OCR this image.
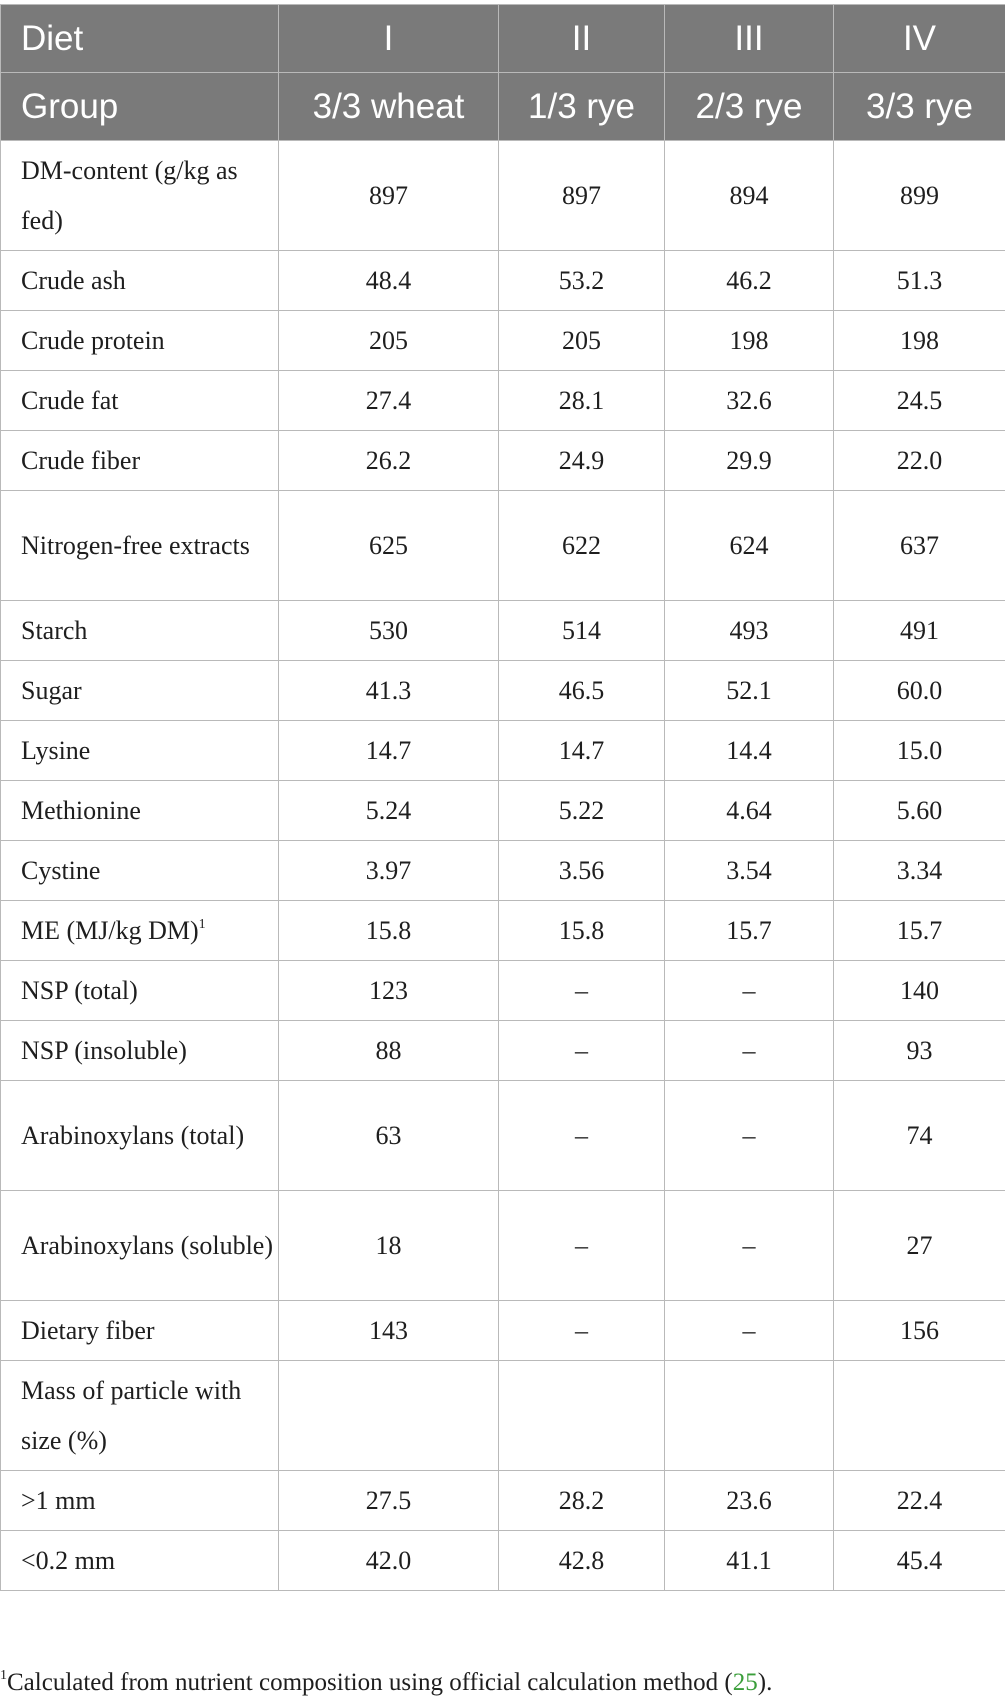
Diet	I	II	III	IV
Group	3/3 wheat	1/3 rye	2/3 rye	3/3 rye
DM-content (g/kg as fed)	897	897	894	899
Crude ash	48.4	53.2	46.2	51.3
Crude protein	205	205	198	198
Crude fat	27.4	28.1	32.6	24.5
Crude fiber	26.2	24.9	29.9	22.0
Nitrogen-free extracts	625	622	624	637
Starch	530	514	493	491
Sugar	41.3	46.5	52.1	60.0
Lysine	14.7	14.7	14.4	15.0
Methionine	5.24	5.22	4.64	5.60
Cystine	3.97	3.56	3.54	3.34
ME (MJ/kg DM)$^1$	15.8	15.8	15.7	15.7
NSP (total)	123	–	–	140
NSP (insoluble)	88	–	–	93
Arabinoxylans (total)	63	–	–	74
Arabinoxylans (soluble)	18	–	–	27
Dietary fiber	143	–	–	156
Mass of particle with size (%)				
>1 mm	27.5	28.2	23.6	22.4
<0.2 mm	42.0	42.8	41.1	45.4
$^1$Calculated from nutrient composition using official calculation method (25).
